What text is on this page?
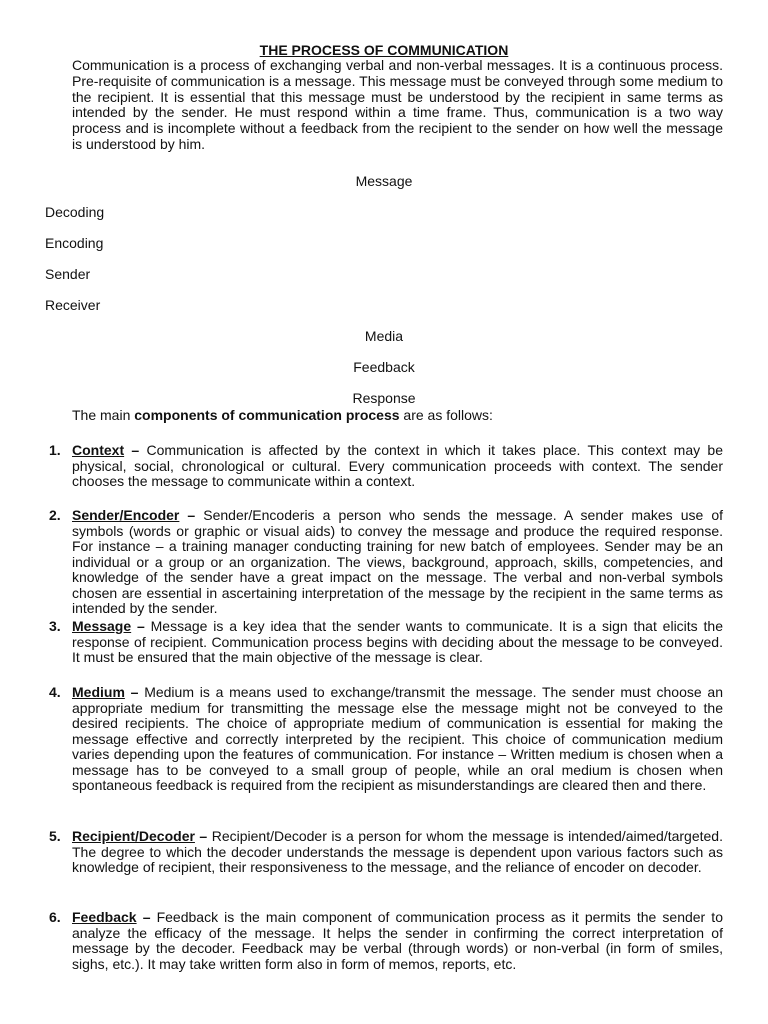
THE PROCESS OF COMMUNICATION

Communication is a process of exchanging verbal and non-verbal messages. It is a continuous process. Pre-requisite of communication is a message. This message must be conveyed through some medium to the recipient. It is essential that this message must be understood by the recipient in same terms as intended by the sender. He must respond within a time frame. Thus, communication is a two way process and is incomplete without a feedback from the recipient to the sender on how well the message is understood by him.

Message
Decoding
Encoding
Sender
Receiver
Media
Feedback
Response

The main components of communication process are as follows:

1. Context – Communication is affected by the context in which it takes place. This context may be physical, social, chronological or cultural. Every communication proceeds with context. The sender chooses the message to communicate within a context.
2. Sender/Encoder – Sender/Encoderis a person who sends the message. A sender makes use of symbols (words or graphic or visual aids) to convey the message and produce the required response. For instance – a training manager conducting training for new batch of employees. Sender may be an individual or a group or an organization. The views, background, approach, skills, competencies, and knowledge of the sender have a great impact on the message. The verbal and non-verbal symbols chosen are essential in ascertaining interpretation of the message by the recipient in the same terms as intended by the sender.
3. Message – Message is a key idea that the sender wants to communicate. It is a sign that elicits the response of recipient. Communication process begins with deciding about the message to be conveyed. It must be ensured that the main objective of the message is clear.
4. Medium – Medium is a means used to exchange/transmit the message. The sender must choose an appropriate medium for transmitting the message else the message might not be conveyed to the desired recipients. The choice of appropriate medium of communication is essential for making the message effective and correctly interpreted by the recipient. This choice of communication medium varies depending upon the features of communication. For instance – Written medium is chosen when a message has to be conveyed to a small group of people, while an oral medium is chosen when spontaneous feedback is required from the recipient as misunderstandings are cleared then and there.
5. Recipient/Decoder – Recipient/Decoder is a person for whom the message is intended/aimed/targeted. The degree to which the decoder understands the message is dependent upon various factors such as knowledge of recipient, their responsiveness to the message, and the reliance of encoder on decoder.
6. Feedback – Feedback is the main component of communication process as it permits the sender to analyze the efficacy of the message. It helps the sender in confirming the correct interpretation of message by the decoder. Feedback may be verbal (through words) or non-verbal (in form of smiles, sighs, etc.). It may take written form also in form of memos, reports, etc.
